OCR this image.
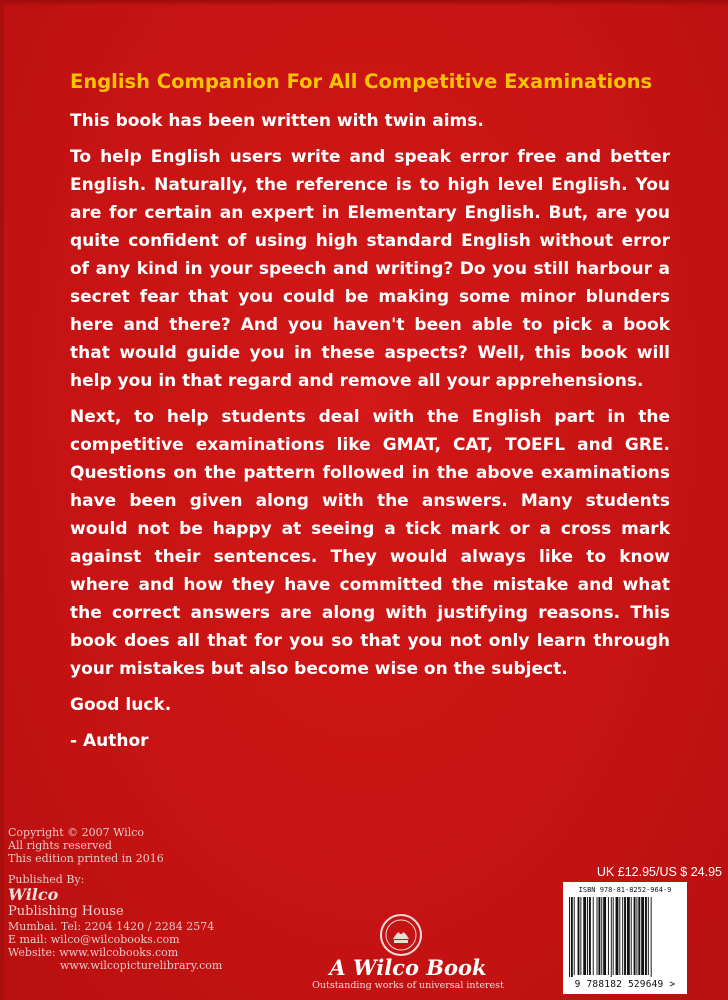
English Companion For All Competitive Examinations

This book has been written with twin aims.

To help English users write and speak error free and better English. Naturally, the reference is to high level English. You are for certain an expert in Elementary English. But, are you quite confident of using high standard English without error of any kind in your speech and writing? Do you still harbour a secret fear that you could be making some minor blunders here and there? And you haven't been able to pick a book that would guide you in these aspects? Well, this book will help you in that regard and remove all your apprehensions.

Next, to help students deal with the English part in the competitive examinations like GMAT, CAT, TOEFL and GRE. Questions on the pattern followed in the above examinations have been given along with the answers. Many students would not be happy at seeing a tick mark or a cross mark against their sentences. They would always like to know where and how they have committed the mistake and what the correct answers are along with justifying reasons. This book does all that for you so that you not only learn through your mistakes but also become wise on the subject.

Good luck.

- Author

Copyright © 2007 Wilco
All rights reserved
This edition printed in 2016
Published By:
Wilco
Publishing House
Mumbai. Tel: 2204 1420 / 2284 2574
E mail: wilco@wilcobooks.com
Website: www.wilcobooks.com
www.wilcopicturelibrary.com	A Wilco Book
Outstanding works of universal interest
UK £12.95/US $ 24.95
ISBN 978-81-8252-964-9
9 788182 529649 >
